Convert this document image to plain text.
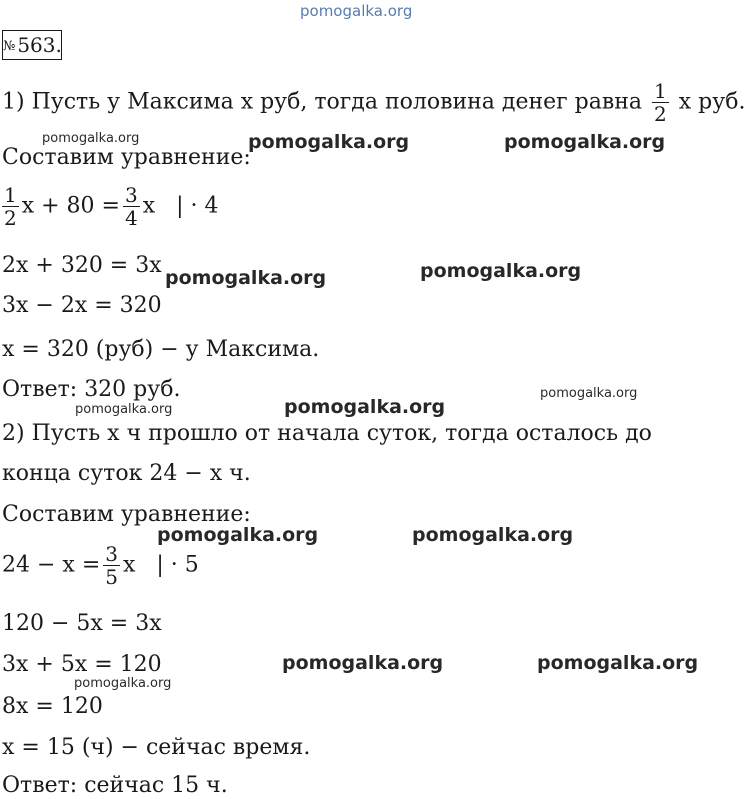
pomogalka.org
№ 563.
1) Пусть у Максима x руб, тогда половина денег равна $\frac{1}{2}$ x руб.
Составим уравнение:
$\frac{1}{2}$ $x + 80 = \frac{3}{4}$ x   | · 4
2x + 320 = 3x
3x − 2x = 320
x = 320 (руб) − у Максима.
Ответ: 320 руб.
2) Пусть x ч прошло от начала суток, тогда осталось до
конца суток 24 − x ч.
Составим уравнение:
$24 - x = \frac{3}{5}$ x   | · 5
120 − 5x = 3x
3x + 5x = 120
8x = 120
x = 15 (ч) − сейчас время.
Ответ: сейчас 15 ч.
pomogalka.org	pomogalka.org	pomogalka.org
pomogalka.org	pomogalka.org
pomogalka.org	pomogalka.org
pomogalka.org
pomogalka.org	pomogalka.org
pomogalka.org	pomogalka.org
pomogalka.org
